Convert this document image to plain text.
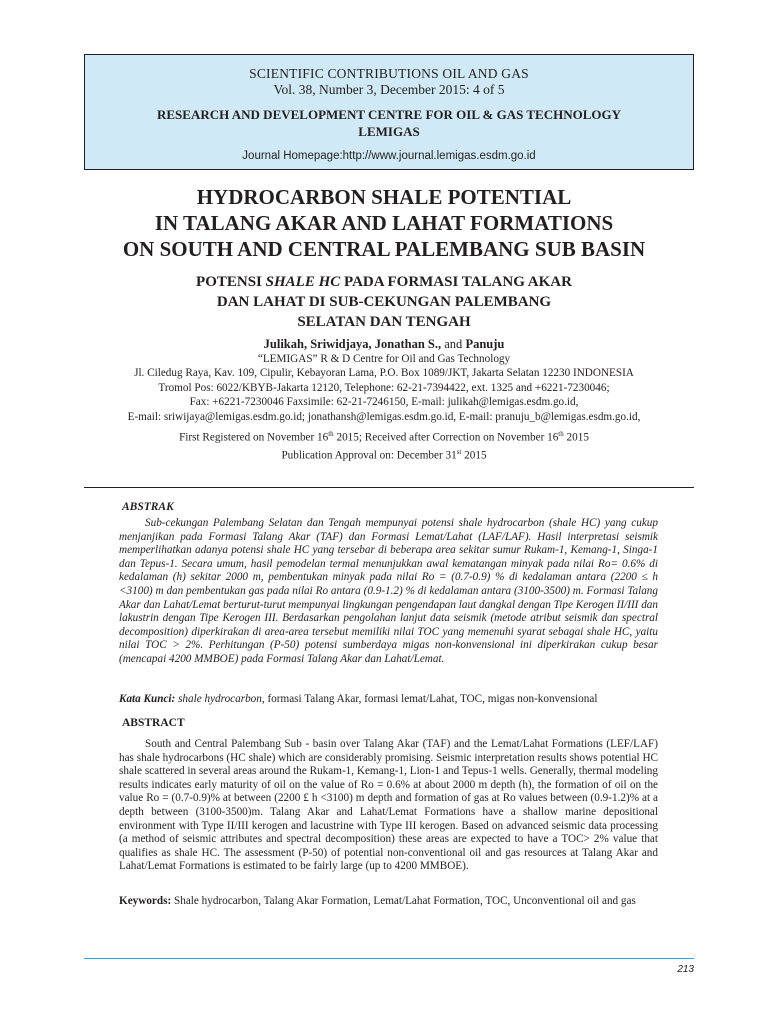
SCIENTIFIC CONTRIBUTIONS OIL AND GAS
Vol. 38, Number 3, December 2015: 4 of 5
RESEARCH AND DEVELOPMENT CENTRE FOR OIL & GAS TECHNOLOGY
LEMIGAS
Journal Homepage:http://www.journal.lemigas.esdm.go.id
HYDROCARBON SHALE POTENTIAL
IN TALANG AKAR AND LAHAT FORMATIONS
ON SOUTH AND CENTRAL PALEMBANG SUB BASIN
POTENSI SHALE HC PADA FORMASI TALANG AKAR
DAN LAHAT DI SUB-CEKUNGAN PALEMBANG
SELATAN DAN TENGAH
Julikah, Sriwidjaya, Jonathan S., and Panuju
“LEMIGAS” R & D Centre for Oil and Gas Technology
Jl. Ciledug Raya, Kav. 109, Cipulir, Kebayoran Lama, P.O. Box 1089/JKT, Jakarta Selatan 12230 INDONESIA
Tromol Pos: 6022/KBYB-Jakarta 12120, Telephone: 62-21-7394422, ext. 1325 and +6221-7230046;
Fax: +6221-7230046 Faxsimile: 62-21-7246150, E-mail: julikah@lemigas.esdm.go.id,
E-mail: sriwijaya@lemigas.esdm.go.id; jonathansh@lemigas.esdm.go.id, E-mail: pranuju_b@lemigas.esdm.go.id,
First Registered on November 16th 2015; Received after Correction on November 16th 2015
Publication Approval on: December 31st 2015
ABSTRAK

Sub-cekungan Palembang Selatan dan Tengah mempunyai potensi shale hydrocarbon (shale HC) yang cukup menjanjikan pada Formasi Talang Akar (TAF) dan Formasi Lemat/Lahat (LAF/LAF). Hasil interpretasi seismik memperlihatkan adanya potensi shale HC yang tersebar di beberapa area sekitar sumur Rukam-1, Kemang-1, Singa-1 dan Tepus-1. Secara umum, hasil pemodelan termal menunjukkan awal kematangan minyak pada nilai Ro= 0.6% di kedalaman (h) sekitar 2000 m, pembentukan minyak pada nilai Ro = (0.7-0.9) % di kedalaman antara (2200 ≤ h <3100) m dan pembentukan gas pada nilai Ro antara (0.9-1.2) % di kedalaman antara (3100-3500) m. Formasi Talang Akar dan Lahat/Lemat berturut-turut mempunyai lingkungan pengendapan laut dangkal dengan Tipe Kerogen II/III dan lakustrin dengan Tipe Kerogen III. Berdasarkan pengolahan lanjut data seismik (metode atribut seismik dan spectral decomposition) diperkirakan di area-area tersebut memiliki nilai TOC yang memenuhi syarat sebagai shale HC, yaitu nilai TOC > 2%. Perhitungan (P-50) potensi sumberdaya migas non-konvensional ini diperkirakan cukup besar (mencapai 4200 MMBOE) pada Formasi Talang Akar dan Lahat/Lemat.

Kata Kunci: shale hydrocarbon, formasi Talang Akar, formasi lemat/Lahat, TOC, migas non-konvensional
ABSTRACT

South and Central Palembang Sub - basin over Talang Akar (TAF) and the Lemat/Lahat Formations (LEF/LAF) has shale hydrocarbons (HC shale) which are considerably promising. Seismic interpretation results shows potential HC shale scattered in several areas around the Rukam-1, Kemang-1, Lion-1 and Tepus-1 wells. Generally, thermal modeling results indicates early maturity of oil on the value of Ro = 0.6% at about 2000 m depth (h), the formation of oil on the value Ro = (0.7-0.9)% at between (2200 £ h <3100) m depth and formation of gas at Ro values between (0.9-1.2)% at a depth between (3100-3500)m. Talang Akar and Lahat/Lemat Formations have a shallow marine depositional environment with Type II/III kerogen and lacustrine with Type III kerogen. Based on advanced seismic data processing (a method of seismic attributes and spectral decomposition) these areas are expected to have a TOC> 2% value that qualifies as shale HC. The assessment (P-50) of potential non-conventional oil and gas resources at Talang Akar and Lahat/Lemat Formations is estimated to be fairly large (up to 4200 MMBOE).

Keywords: Shale hydrocarbon, Talang Akar Formation, Lemat/Lahat Formation, TOC, Unconventional oil and gas
213
